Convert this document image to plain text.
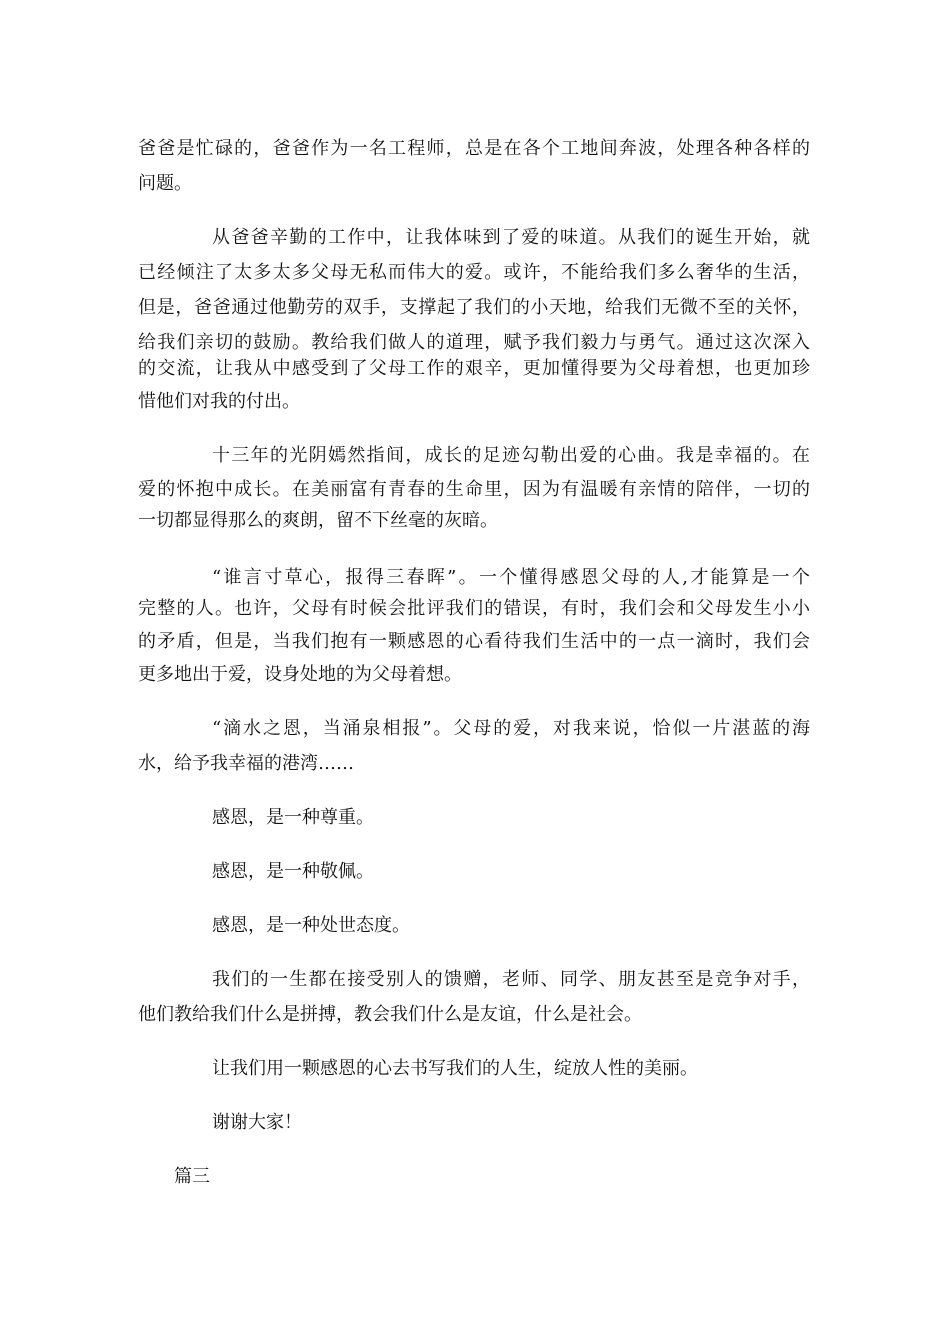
爸爸是忙碌的，爸爸作为一名工程师，总是在各个工地间奔波，处理各种各样的
问题。
从爸爸辛勤的工作中，让我体味到了爱的味道。从我们的诞生开始，就
已经倾注了太多太多父母无私而伟大的爱。或许，不能给我们多么奢华的生活，
但是，爸爸通过他勤劳的双手，支撑起了我们的小天地，给我们无微不至的关怀，
给我们亲切的鼓励。教给我们做人的道理，赋予我们毅力与勇气。通过这次深入
的交流，让我从中感受到了父母工作的艰辛，更加懂得要为父母着想，也更加珍
惜他们对我的付出。
十三年的光阴嫣然指间，成长的足迹勾勒出爱的心曲。我是幸福的。在
爱的怀抱中成长。在美丽富有青春的生命里，因为有温暖有亲情的陪伴，一切的
一切都显得那么的爽朗，留不下丝毫的灰暗。
“谁言寸草心，报得三春晖”。一个懂得感恩父母的人,才能算是一个
完整的人。也许，父母有时候会批评我们的错误，有时，我们会和父母发生小小
的矛盾，但是，当我们抱有一颗感恩的心看待我们生活中的一点一滴时，我们会
更多地出于爱，设身处地的为父母着想。
“滴水之恩，当涌泉相报”。父母的爱，对我来说，恰似一片湛蓝的海
水，给予我幸福的港湾……
感恩，是一种尊重。
感恩，是一种敬佩。
感恩，是一种处世态度。
我们的一生都在接受别人的馈赠，老师、同学、朋友甚至是竞争对手，
他们教给我们什么是拼搏，教会我们什么是友谊，什么是社会。
让我们用一颗感恩的心去书写我们的人生，绽放人性的美丽。
谢谢大家！
篇三
